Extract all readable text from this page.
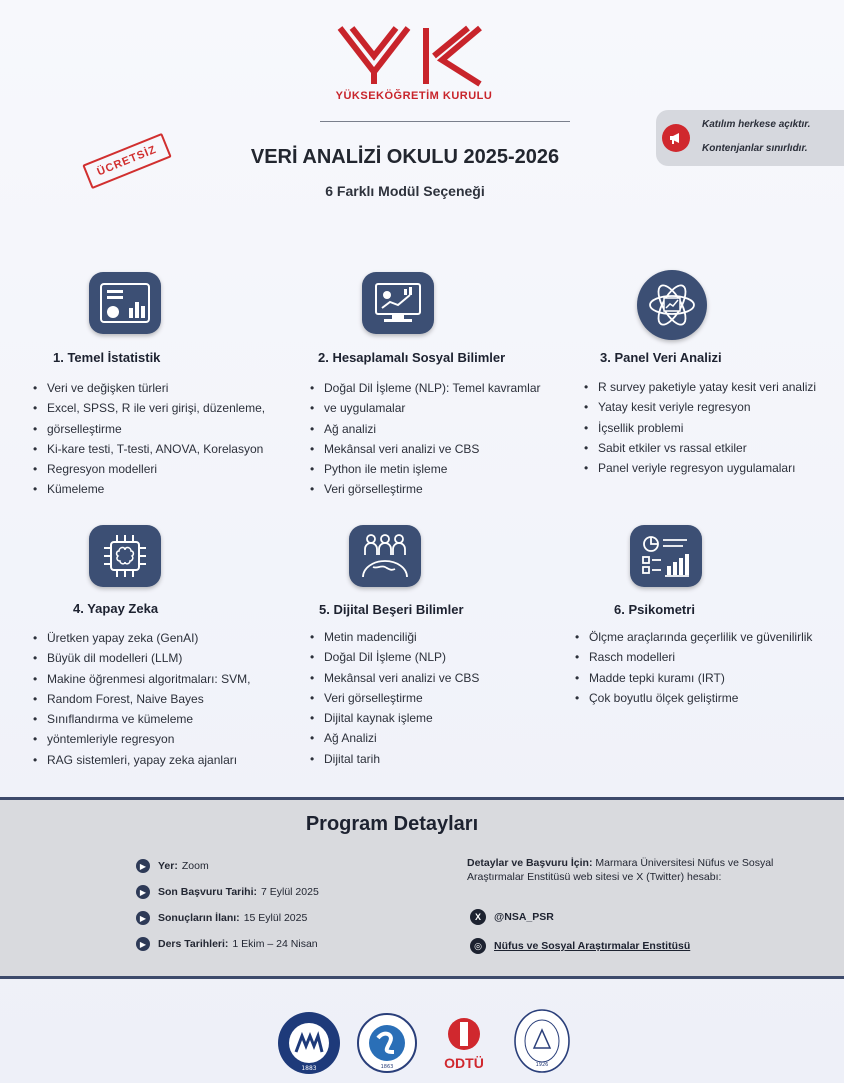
YÜKSEKÖĞRETİM KURULU
ÜCRETSİZ	VERİ ANALİZİ OKULU 2025-2026
6 Farklı Modül Seçeneği
Katılım herkese açıktır.
Kontenjanlar sınırlıdır.
1. Temel İstatistik
• Veri ve değişken türleri
• Excel, SPSS, R ile veri girişi, düzenleme,
• görselleştirme
• Ki-kare testi, T-testi, ANOVA, Korelasyon
• Regresyon modelleri
• Kümeleme
2. Hesaplamalı Sosyal Bilimler
• Doğal Dil İşleme (NLP): Temel kavramlar
• ve uygulamalar
• Ağ analizi
• Mekânsal veri analizi ve CBS
• Python ile metin işleme
• Veri görselleştirme
3. Panel Veri Analizi
• R survey paketiyle yatay kesit veri analizi
• Yatay kesit veriyle regresyon
• İçsellik problemi
• Sabit etkiler vs rassal etkiler
• Panel veriyle regresyon uygulamaları
4. Yapay Zeka
• Üretken yapay zeka (GenAI)
• Büyük dil modelleri (LLM)
• Makine öğrenmesi algoritmaları: SVM,
• Random Forest, Naive Bayes
• Sınıflandırma ve kümeleme
• yöntemleriyle regresyon
• RAG sistemleri, yapay zeka ajanları
5. Dijital Beşeri Bilimler
• Metin madenciliği
• Doğal Dil İşleme (NLP)
• Mekânsal veri analizi ve CBS
• Veri görselleştirme
• Dijital kaynak işleme
• Ağ Analizi
• Dijital tarih
6. Psikometri
• Ölçme araçlarında geçerlilik ve güvenilirlik
• Rasch modelleri
• Madde tepki kuramı (IRT)
• Çok boyutlu ölçek geliştirme
Program Detayları
▶	Yer: Zoom
▶	Son Başvuru Tarihi: 7 Eylül 2025
▶	Sonuçların İlanı: 15 Eylül 2025
▶	Ders Tarihleri: 1 Ekim – 24 Nisan
Detaylar ve Başvuru İçin: Marmara Üniversitesi Nüfus ve Sosyal Araştırmalar Enstitüsü web sitesi ve X (Twitter) hesabı:
X	@NSA_PSR
◎	Nüfus ve Sosyal Araştırmalar Enstitüsü
1883	1863	ODTÜ	1926
